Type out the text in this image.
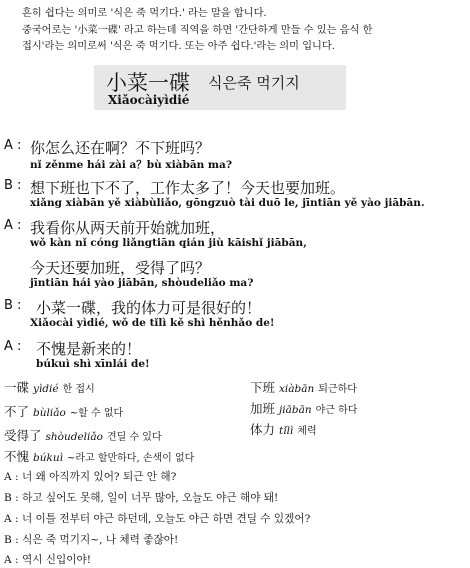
흔히 쉽다는 의미로 '식은 죽 먹기다.' 라는 말을 합니다.
중국어로는 '小菜一碟' 라고 하는데 직역을 하면 '간단하게 만들 수 있는 음식 한
접시'라는 의미로써 '식은 죽 먹기다. 또는 아주 쉽다.'라는 의미 입니다.
小菜一碟 식은죽 먹기지
Xiǎocàiyìdié
A : 你怎么还在啊？不下班吗？
nǐ zěnme hái zài a？bù xiàbān ma?
B : 想下班也下不了，工作太多了！今天也要加班。
xiǎng xiàbān yě xiàbùliǎo, gōngzuò tài duō le, jīntiān yě yào jiābān.
A : 我看你从两天前开始就加班，
wǒ kàn nǐ cóng liǎngtiān qián jiù kāishǐ jiābān,
今天还要加班，受得了吗？
jīntiān hái yào jiābān, shòudeliǎo ma?
B : 小菜一碟，我的体力可是很好的！
Xiǎocài yìdié, wǒ de tǐlì kě shì hěnhǎo de!
A : 不愧是新来的！
búkuì shì xīnlái de!
一碟 yìdié 한 접시
不了 bùliǎo ~할 수 없다
受得了 shòudeliǎo 견딜 수 있다
不愧 búkuì ~라고 할만하다, 손색이 없다
下班 xiàbān 퇴근하다
加班 jiābān 야근 하다
体力 tǐlì 체력
A : 너 왜 아직까지 있어? 퇴근 안 해?
B : 하고 싶어도 못해, 일이 너무 많아, 오늘도 야근 해야 돼!
A : 너 이틀 전부터 야근 하던데, 오늘도 야근 하면 견딜 수 있겠어?
B : 식은 죽 먹기지~, 나 체력 좋잖아!
A : 역시 신입이야!
